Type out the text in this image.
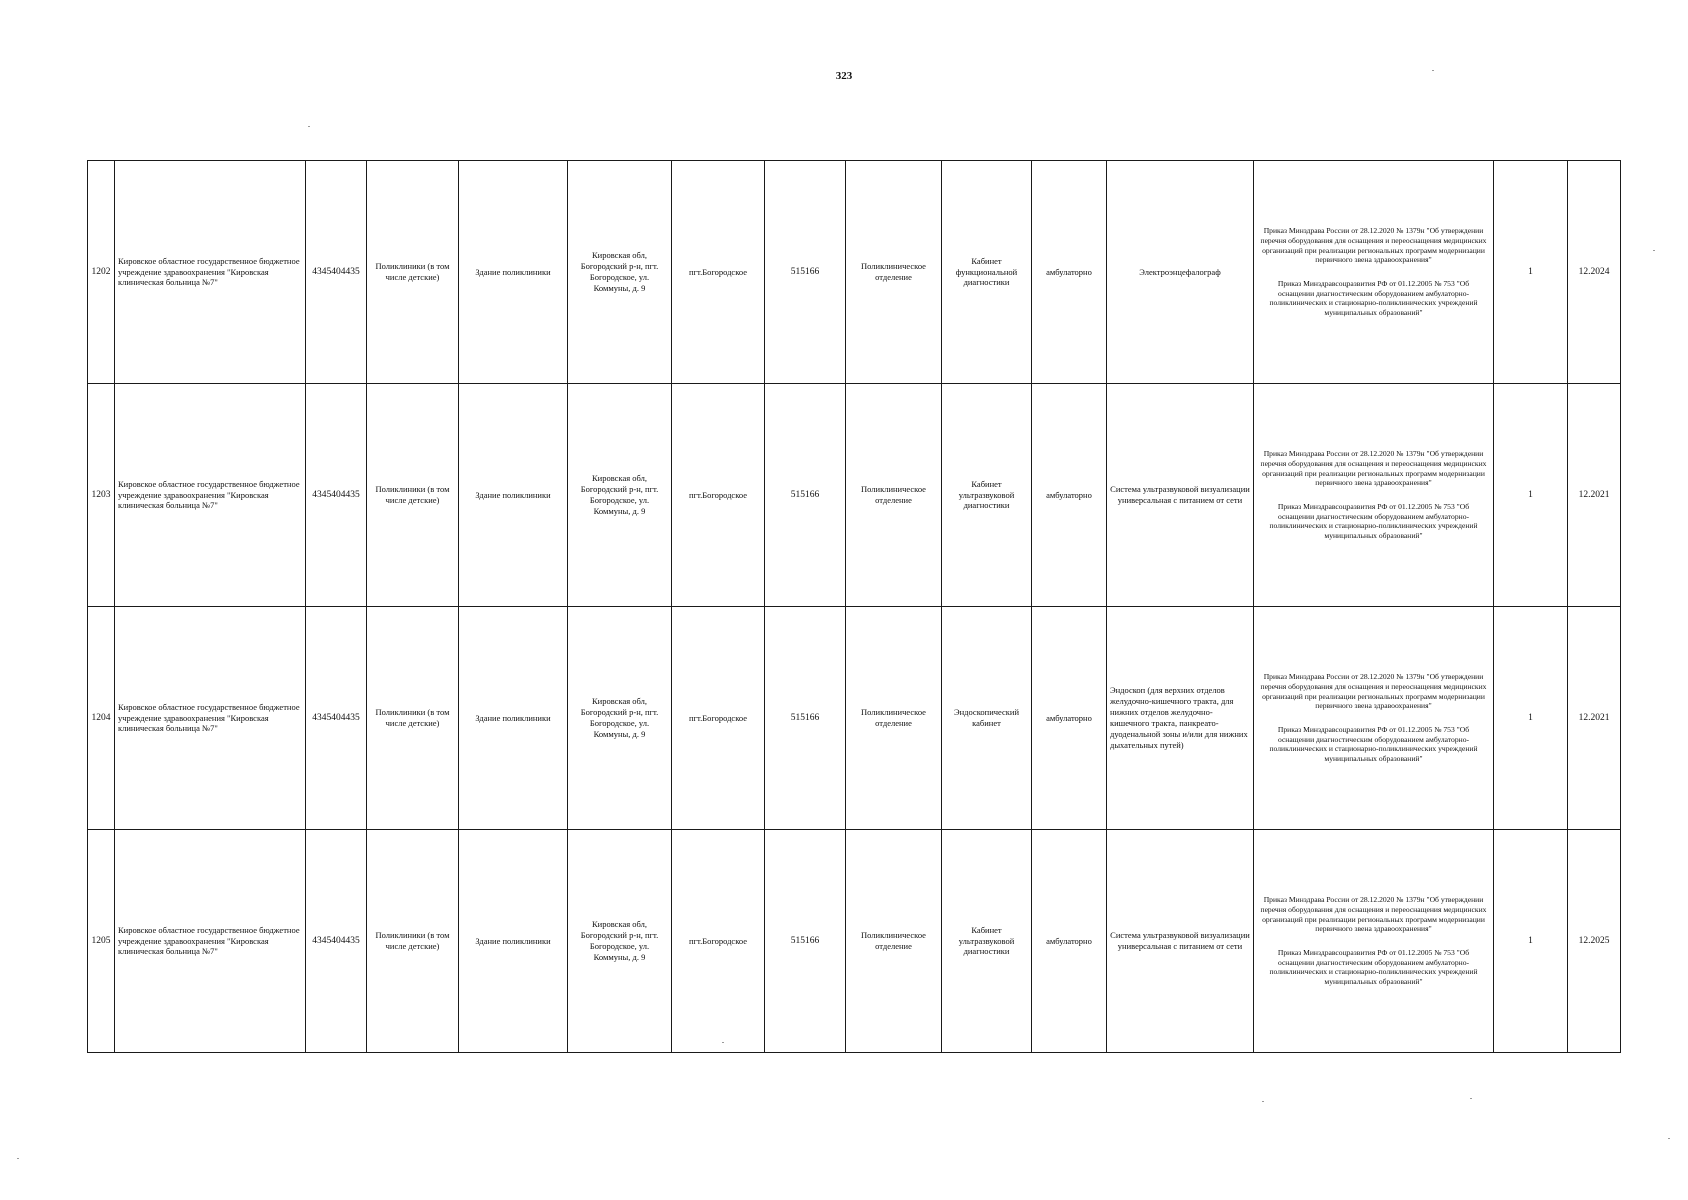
323
1202	Кировское областное государственное бюджетное учреждение здравоохранения "Кировская клиническая больница №7"	4345404435	Поликлиники (в том числе детские)	Здание поликлиники	Кировская обл, Богородский р-н, пгт. Богородское, ул. Коммуны, д. 9	пгт.Богородское	515166	Поликлиническое отделение	Кабинет функциональной диагностики	амбулаторно	Электроэнцефалограф	Приказ Минздрава России от 28.12.2020 № 1379н "Об утверждении перечня оборудования для оснащения и переоснащения медицинских организаций при реализации региональных программ модернизации первичного звена здравоохранения"
Приказ Минздравсоцразвития РФ от 01.12.2005 № 753 "Об оснащении диагностическим оборудованием амбулаторно-поликлинических и стационарно-поликлинических учреждений муниципальных образований"	1	12.2024
1203	Кировское областное государственное бюджетное учреждение здравоохранения "Кировская клиническая больница №7"	4345404435	Поликлиники (в том числе детские)	Здание поликлиники	Кировская обл, Богородский р-н, пгт. Богородское, ул. Коммуны, д. 9	пгт.Богородское	515166	Поликлиническое отделение	Кабинет ультразвуковой диагностики	амбулаторно	Система ультразвуковой визуализации универсальная с питанием от сети	Приказ Минздрава России от 28.12.2020 № 1379н "Об утверждении перечня оборудования для оснащения и переоснащения медицинских организаций при реализации региональных программ модернизации первичного звена здравоохранения"
Приказ Минздравсоцразвития РФ от 01.12.2005 № 753 "Об оснащении диагностическим оборудованием амбулаторно-поликлинических и стационарно-поликлинических учреждений муниципальных образований"	1	12.2021
1204	Кировское областное государственное бюджетное учреждение здравоохранения "Кировская клиническая больница №7"	4345404435	Поликлиники (в том числе детские)	Здание поликлиники	Кировская обл, Богородский р-н, пгт. Богородское, ул. Коммуны, д. 9	пгт.Богородское	515166	Поликлиническое отделение	Эндоскопический кабинет	амбулаторно	Эндоскоп (для верхних отделов желудочно-кишечного тракта, для нижних отделов желудочно-кишечного тракта, панкреато-дуоденальной зоны и/или для нижних дыхательных путей)	Приказ Минздрава России от 28.12.2020 № 1379н "Об утверждении перечня оборудования для оснащения и переоснащения медицинских организаций при реализации региональных программ модернизации первичного звена здравоохранения"
Приказ Минздравсоцразвития РФ от 01.12.2005 № 753 "Об оснащении диагностическим оборудованием амбулаторно-поликлинических и стационарно-поликлинических учреждений муниципальных образований"	1	12.2021
1205	Кировское областное государственное бюджетное учреждение здравоохранения "Кировская клиническая больница №7"	4345404435	Поликлиники (в том числе детские)	Здание поликлиники	Кировская обл, Богородский р-н, пгт. Богородское, ул. Коммуны, д. 9	пгт.Богородское	515166	Поликлиническое отделение	Кабинет ультразвуковой диагностики	амбулаторно	Система ультразвуковой визуализации универсальная с питанием от сети	Приказ Минздрава России от 28.12.2020 № 1379н "Об утверждении перечня оборудования для оснащения и переоснащения медицинских организаций при реализации региональных программ модернизации первичного звена здравоохранения"
Приказ Минздравсоцразвития РФ от 01.12.2005 № 753 "Об оснащении диагностическим оборудованием амбулаторно-поликлинических и стационарно-поликлинических учреждений муниципальных образований"	1	12.2025
